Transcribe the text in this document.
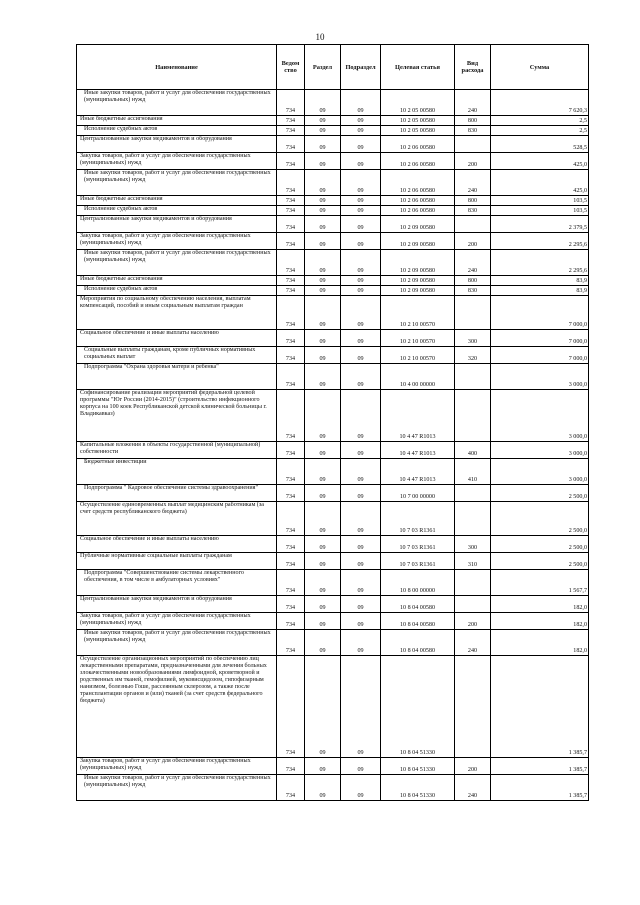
10
Наименование	Ведом ство	Раздел	Подраздел	Целевая статья	Вид расхода	Сумма
Иные закупки товаров, работ и услуг для обеспечения государственных (муниципальных) нужд	734	09	09	10 2 05 00580	240	7 620,3
Иные бюджетные ассигнования	734	09	09	10 2 05 00580	800	2,5
Исполнение судебных актов	734	09	09	10 2 05 00580	830	2,5
Централизованные закупки медикаментов и оборудования	734	09	09	10 2 06 00580		528,5
Закупка товаров, работ и услуг для обеспечения государственных (муниципальных) нужд	734	09	09	10 2 06 00580	200	425,0
Иные закупки товаров, работ и услуг для обеспечения государственных (муниципальных) нужд	734	09	09	10 2 06 00580	240	425,0
Иные бюджетные ассигнования	734	09	09	10 2 06 00580	800	103,5
Исполнение судебных актов	734	09	09	10 2 06 00580	830	103,5
Централизованные закупки медикаментов и оборудования	734	09	09	10 2 09 00580		2 379,5
Закупка товаров, работ и услуг для обеспечения государственных (муниципальных) нужд	734	09	09	10 2 09 00580	200	2 295,6
Иные закупки товаров, работ и услуг для обеспечения государственных (муниципальных) нужд	734	09	09	10 2 09 00580	240	2 295,6
Иные бюджетные ассигнования	734	09	09	10 2 09 00580	800	83,9
Исполнение судебных актов	734	09	09	10 2 09 00580	830	83,9
Мероприятия по социальному обеспечению населения, выплатам компенсаций, пособий и иным социальным выплатам граждан	734	09	09	10 2 10 00570		7 000,0
Социальное обеспечение и иные выплаты населению	734	09	09	10 2 10 00570	300	7 000,0
Социальные выплаты гражданам, кроме публичных нормативных социальных выплат	734	09	09	10 2 10 00570	320	7 000,0
Подпрограмма "Охрана здоровья матери и ребенка"	734	09	09	10 4 00 00000		3 000,0
Софинансирование реализации мероприятий федеральной целевой программы "Юг России (2014-2015)" (строительство инфекционного корпуса на 100 коек Республиканской детской клинической больницы г. Владикавказ)	734	09	09	10 4 47 R1013		3 000,0
Капитальные вложения в объекты государственной (муниципальной) собственности	734	09	09	10 4 47 R1013	400	3 000,0
Бюджетные инвестиции	734	09	09	10 4 47 R1013	410	3 000,0
Подпрограмма " Кадровое обеспечение системы здравоохранения"	734	09	09	10 7 00 00000		2 500,0
Осуществление единовременных выплат медицинским работникам (за счет средств республиканского бюджета)	734	09	09	10 7 03 R1361		2 500,0
Социальное обеспечение и иные выплаты населению	734	09	09	10 7 03 R1361	300	2 500,0
Публичные нормативные социальные выплаты гражданам	734	09	09	10 7 03 R1361	310	2 500,0
Подпрограмма "Совершенствование системы лекарственного обеспечения, в том числе в амбулаторных условиях"	734	09	09	10 8 00 00000		1 567,7
Централизованные закупки медикаментов и оборудования	734	09	09	10 8 04 00580		182,0
Закупка товаров, работ и услуг для обеспечения государственных (муниципальных) нужд	734	09	09	10 8 04 00580	200	182,0
Иные закупки товаров, работ и услуг для обеспечения государственных (муниципальных) нужд	734	09	09	10 8 04 00580	240	182,0
Осуществление организационных мероприятий по обеспечению лиц лекарственными препаратами, предназначенными для лечения больных злокачественными новообразованиями лимфоидной, кроветворной и родственных им тканей, гемофилией, муковисцидозом, гипофизарным нанизмом, болезнью Гоше, рассеянным склерозом, а также после трансплантации органов и (или) тканей (за счет средств федерального бюджета)	734	09	09	10 8 04 51330		1 385,7
Закупка товаров, работ и услуг для обеспечения государственных (муниципальных) нужд	734	09	09	10 8 04 51330	200	1 385,7
Иные закупки товаров, работ и услуг для обеспечения государственных (муниципальных) нужд	734	09	09	10 8 04 51330	240	1 385,7
